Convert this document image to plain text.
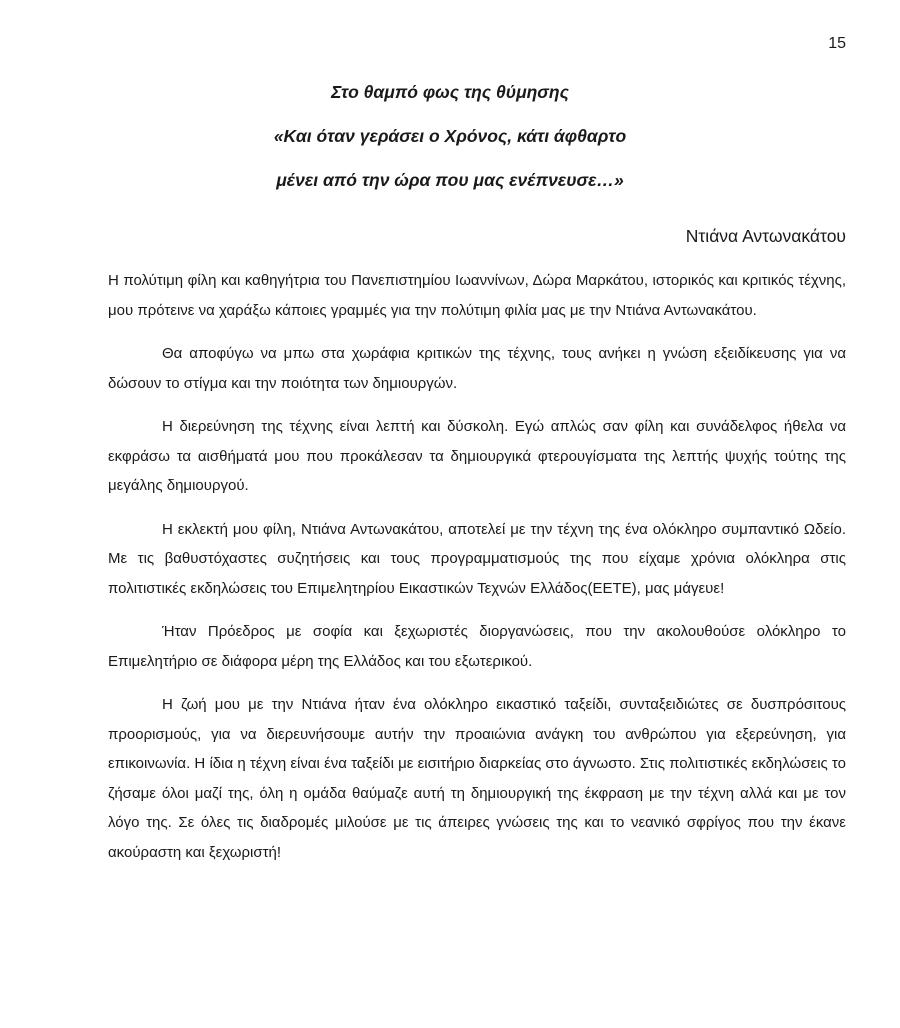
15
Στο θαμπό φως της θύμησης
«Και όταν γεράσει ο Χρόνος, κάτι άφθαρτο
μένει από την ώρα που μας ενέπνευσε…»
Ντιάνα Αντωνακάτου

Η πολύτιμη φίλη και καθηγήτρια του Πανεπιστημίου Ιωαννίνων, Δώρα Μαρκάτου, ιστορικός και κριτικός τέχνης, μου πρότεινε να χαράξω κάποιες γραμμές για την πολύτιμη φιλία μας με την Ντιάνα Αντωνακάτου.

Θα αποφύγω να μπω στα χωράφια κριτικών της τέχνης, τους ανήκει η γνώση εξειδίκευσης για να δώσουν το στίγμα και την ποιότητα των δημιουργών.

Η διερεύνηση της τέχνης είναι λεπτή και δύσκολη. Εγώ απλώς σαν φίλη και συνάδελφος ήθελα να εκφράσω τα αισθήματά μου που προκάλεσαν τα δημιουργικά φτερουγίσματα της λεπτής ψυχής τούτης της μεγάλης δημιουργού.

Η εκλεκτή μου φίλη, Ντιάνα Αντωνακάτου, αποτελεί με την τέχνη της ένα ολόκληρο συμπαντικό Ωδείο. Με τις βαθυστόχαστες συζητήσεις και τους προγραμματισμούς της που είχαμε χρόνια ολόκληρα στις πολιτιστικές εκδηλώσεις του Επιμελητηρίου Εικαστικών Τεχνών Ελλάδος(ΕΕΤΕ), μας μάγευε!

Ήταν Πρόεδρος με σοφία και ξεχωριστές διοργανώσεις, που την ακολουθούσε ολόκληρο το Επιμελητήριο σε διάφορα μέρη της Ελλάδος και του εξωτερικού.

Η ζωή μου με την Ντιάνα ήταν ένα ολόκληρο εικαστικό ταξείδι, συνταξειδιώτες σε δυσπρόσιτους προορισμούς, για να διερευνήσουμε αυτήν την προαιώνια ανάγκη του ανθρώπου για εξερεύνηση, για επικοινωνία. Η ίδια η τέχνη είναι ένα ταξείδι με εισιτήριο διαρκείας στο άγνωστο. Στις πολιτιστικές εκδηλώσεις το ζήσαμε όλοι μαζί της, όλη η ομάδα θαύμαζε αυτή τη δημιουργική της έκφραση με την τέχνη αλλά και με τον λόγο της. Σε όλες τις διαδρομές μιλούσε με τις άπειρες γνώσεις της και το νεανικό σφρίγος που την έκανε ακούραστη και ξεχωριστή!
